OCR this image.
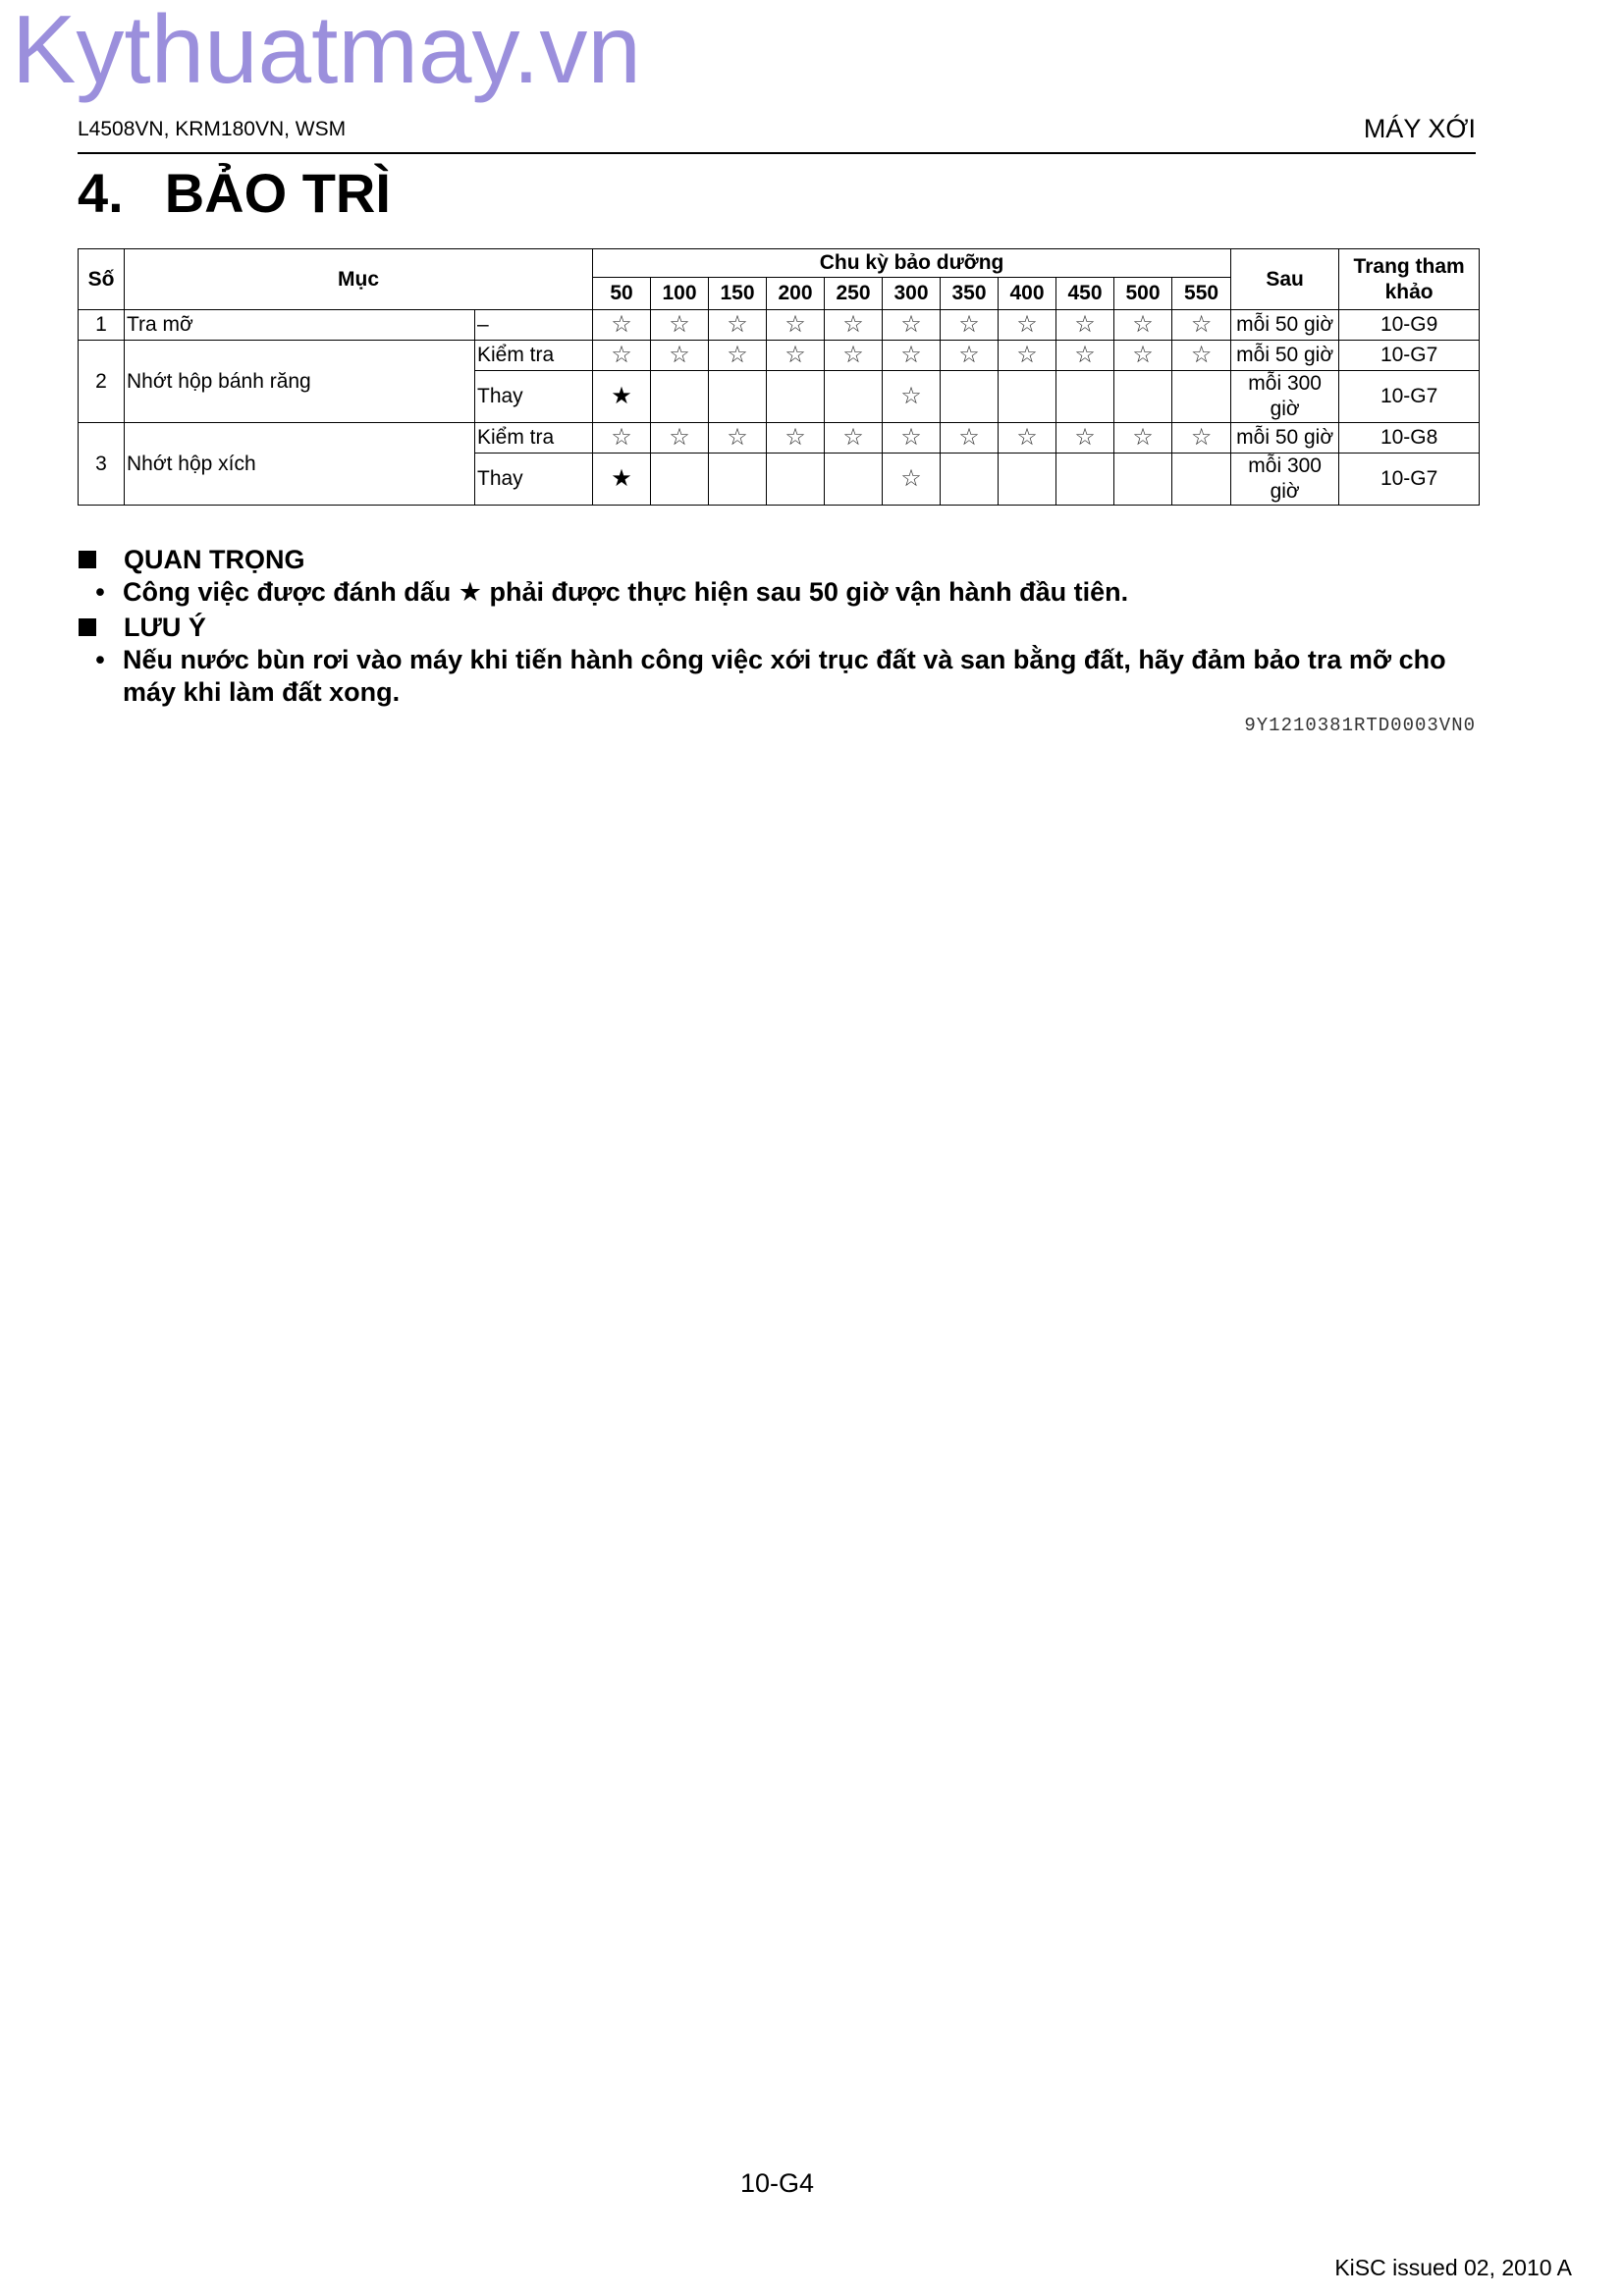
Kythuatmay.vn
L4508VN, KRM180VN, WSM	MÁY XỚI
4. BẢO TRÌ
Số	Mục		Chu kỳ bảo dưỡng											Sau	Trang tham khảo
			50	100	150	200	250	300	350	400	450	500	550		
1	Tra mỡ	–	☆	☆	☆	☆	☆	☆	☆	☆	☆	☆	☆	mỗi 50 giờ	10-G9
2	Nhớt hộp bánh răng	Kiểm tra	☆	☆	☆	☆	☆	☆	☆	☆	☆	☆	☆	mỗi 50 giờ	10-G7
		Thay	★					☆						mỗi 300 giờ	10-G7
3	Nhớt hộp xích	Kiểm tra	☆	☆	☆	☆	☆	☆	☆	☆	☆	☆	☆	mỗi 50 giờ	10-G8
		Thay	★					☆						mỗi 300 giờ	10-G7
QUAN TRỌNG
• Công việc được đánh dấu ★ phải được thực hiện sau 50 giờ vận hành đầu tiên.
LƯU Ý
• Nếu nước bùn rơi vào máy khi tiến hành công việc xới trục đất và san bằng đất, hãy đảm bảo tra mỡ cho máy khi làm đất xong.
9Y1210381RTD0003VN0
10-G4
KiSC issued 02, 2010 A
